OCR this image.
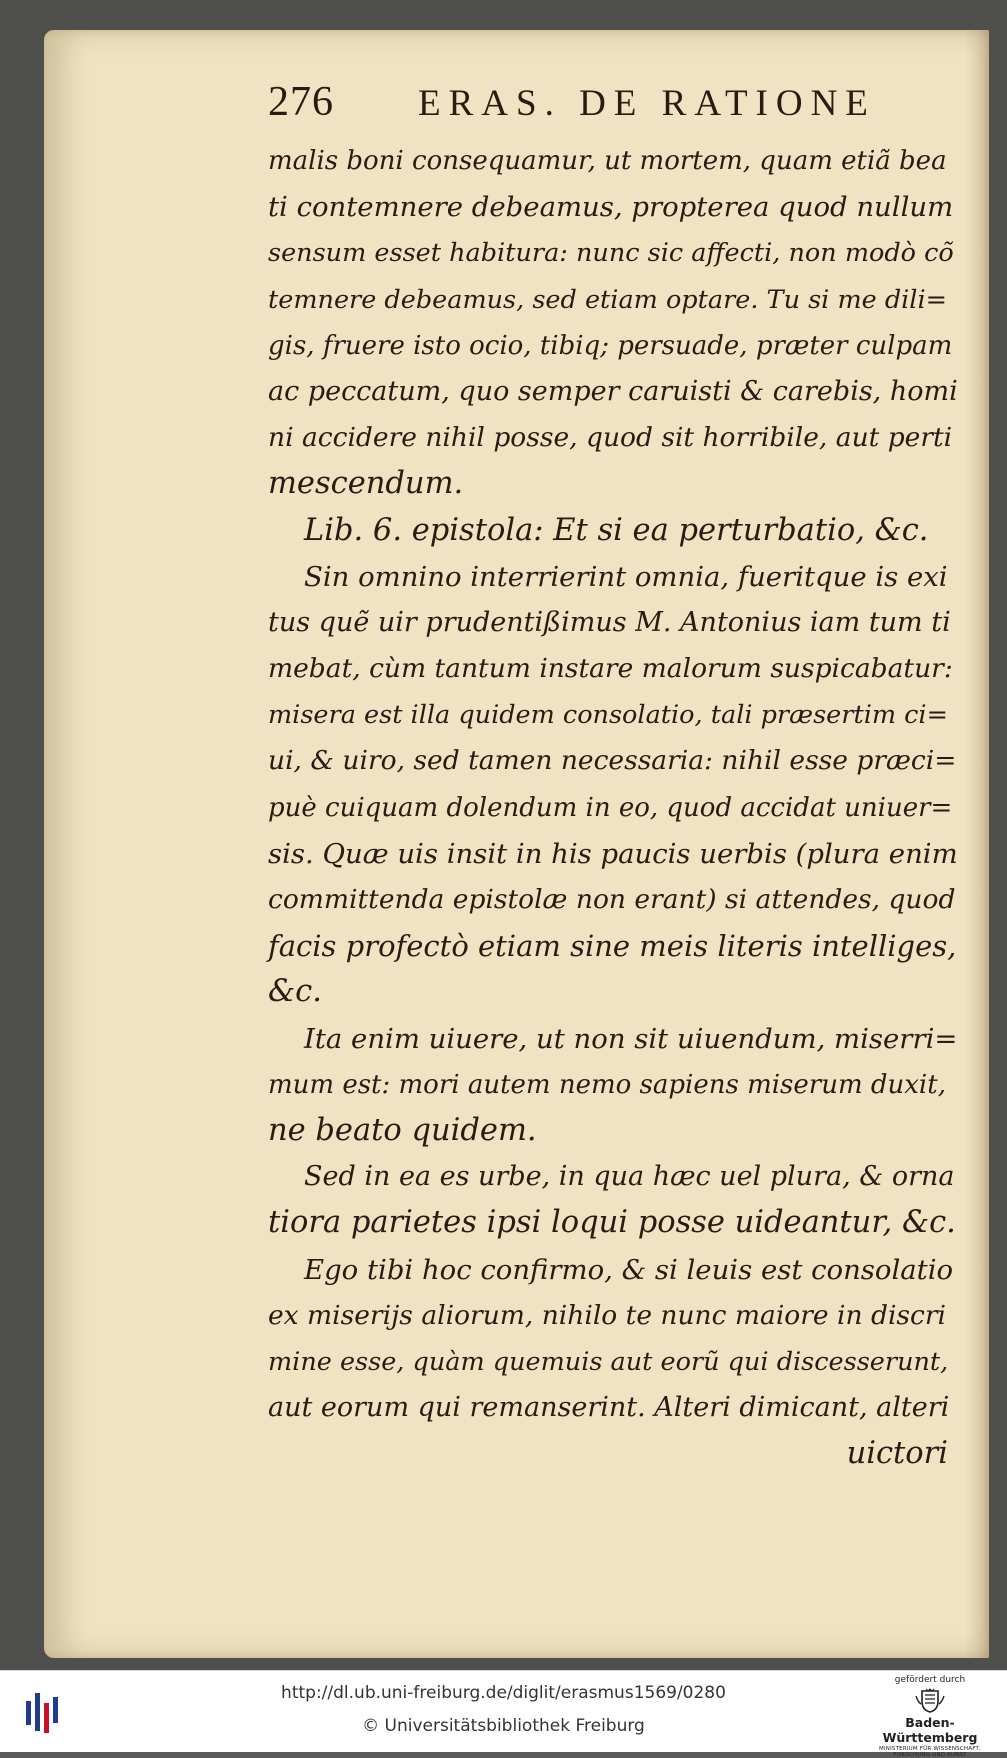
276 ERAS. DE RATIONE
malis boni consequamur, ut mortem, quam etiã bea
ti contemnere debeamus, propterea quod nullum
sensum esset habitura: nunc sic affecti, non modò cõ
temnere debeamus, sed etiam optare. Tu si me dili=
gis, fruere isto ocio, tibiq; persuade, præter culpam
ac peccatum, quo semper caruisti & carebis, homi
ni accidere nihil posse, quod sit horribile, aut perti
mescendum.
Lib. 6. epistola: Et si ea perturbatio, &c.
Sin omnino interrierint omnia, fueritque is exi
tus quẽ uir prudentißimus M. Antonius iam tum ti
mebat, cùm tantum instare malorum suspicabatur:
misera est illa quidem consolatio, tali præsertim ci=
ui, & uiro, sed tamen necessaria: nihil esse præci=
puè cuiquam dolendum in eo, quod accidat uniuer=
sis. Quæ uis insit in his paucis uerbis (plura enim
committenda epistolæ non erant) si attendes, quod
facis profectò etiam sine meis literis intelliges,
&c.
Ita enim uiuere, ut non sit uiuendum, miserri=
mum est: mori autem nemo sapiens miserum duxit,
ne beato quidem.
Sed in ea es urbe, in qua hæc uel plura, & orna
tiora parietes ipsi loqui posse uideantur, &c.
Ego tibi hoc confirmo, & si leuis est consolatio
ex miserijs aliorum, nihilo te nunc maiore in discri
mine esse, quàm quemuis aut eorũ qui discesserunt,
aut eorum qui remanserint. Alteri dimicant, alteri
uictori
http://dl.ub.uni-freiburg.de/diglit/erasmus1569/0280
© Universitätsbibliothek Freiburg
gefördert durch
Baden-Württemberg
MINISTERIUM FÜR WISSENSCHAFT, FORSCHUNG UND KUNST
